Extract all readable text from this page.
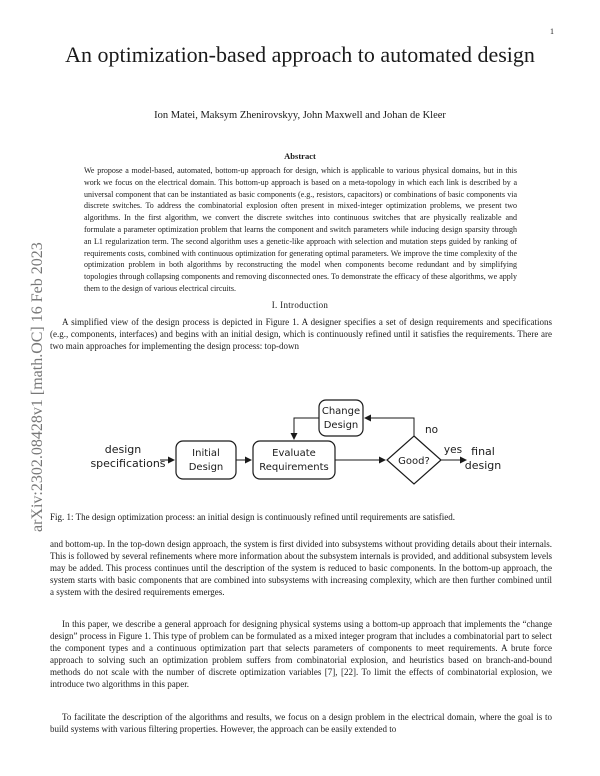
1
arXiv:2302.08428v1 [math.OC] 16 Feb 2023
An optimization-based approach to automated design
Ion Matei, Maksym Zhenirovskyy, John Maxwell and Johan de Kleer
Abstract
We propose a model-based, automated, bottom-up approach for design, which is applicable to various physical domains, but in this work we focus on the electrical domain. This bottom-up approach is based on a meta-topology in which each link is described by a universal component that can be instantiated as basic components (e.g., resistors, capacitors) or combinations of basic components via discrete switches. To address the combinatorial explosion often present in mixed-integer optimization problems, we present two algorithms. In the first algorithm, we convert the discrete switches into continuous switches that are physically realizable and formulate a parameter optimization problem that learns the component and switch parameters while inducing design sparsity through an L1 regularization term. The second algorithm uses a genetic-like approach with selection and mutation steps guided by ranking of requirements costs, combined with continuous optimization for generating optimal parameters. We improve the time complexity of the optimization problem in both algorithms by reconstructing the model when components become redundant and by simplifying topologies through collapsing components and removing disconnected ones. To demonstrate the efficacy of these algorithms, we apply them to the design of various electrical circuits.
I. Introduction

A simplified view of the design process is depicted in Figure 1. A designer specifies a set of design requirements and specifications (e.g., components, interfaces) and begins with an initial design, which is continuously refined until it satisfies the requirements. There are two main approaches for implementing the design process: top-down

design
specifications
Initial
Design
Evaluate
Requirements
Good?
yes final
design
no
Change
Design
Fig. 1: The design optimization process: an initial design is continuously refined until requirements are satisfied.

and bottom-up. In the top-down design approach, the system is first divided into subsystems without providing details about their internals. This is followed by several refinements where more information about the subsystem internals is provided, and additional subsystem levels may be added. This process continues until the description of the system is reduced to basic components. In the bottom-up approach, the system starts with basic components that are combined into subsystems with increasing complexity, which are then further combined until a system with the desired requirements emerges.

In this paper, we describe a general approach for designing physical systems using a bottom-up approach that implements the “change design” process in Figure 1. This type of problem can be formulated as a mixed integer program that includes a combinatorial part to select the component types and a continuous optimization part that selects parameters of components to meet requirements. A brute force approach to solving such an optimization problem suffers from combinatorial explosion, and heuristics based on branch-and-bound methods do not scale with the number of discrete optimization variables [7], [22]. To limit the effects of combinatorial explosion, we introduce two algorithms in this paper.

To facilitate the description of the algorithms and results, we focus on a design problem in the electrical domain, where the goal is to build systems with various filtering properties. However, the approach can be easily extended to
